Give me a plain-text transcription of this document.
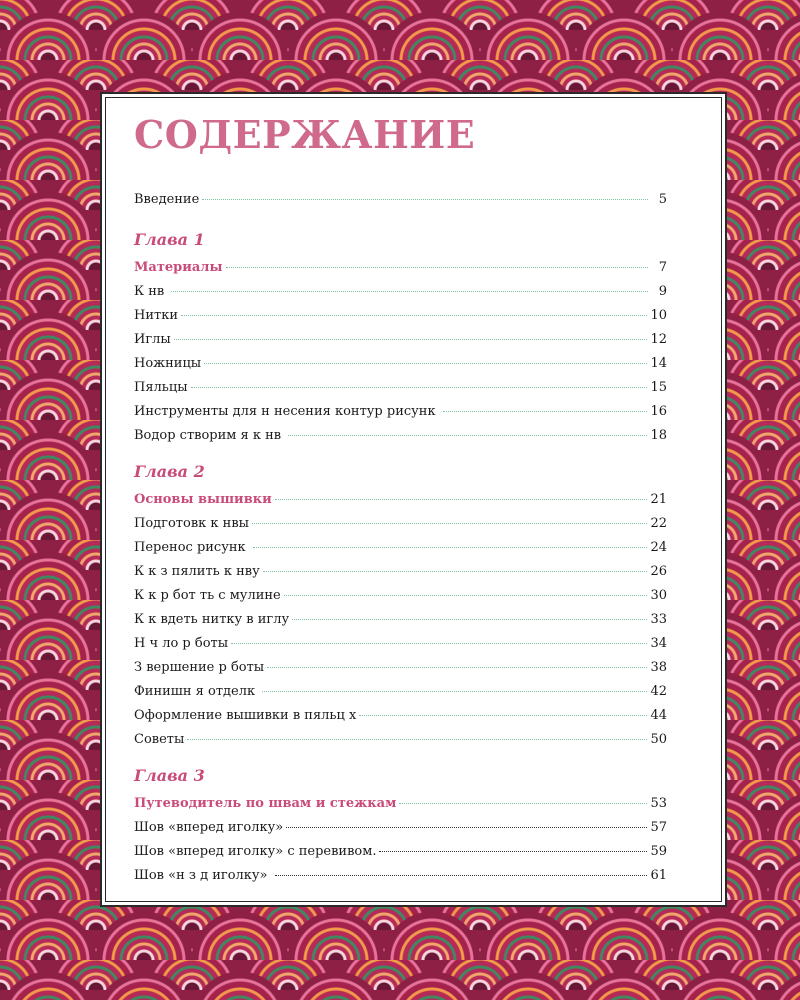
СОДЕРЖАНИЕ
Введение	5
Глава 1
Материалы	7
К нв	9
Нитки	10
Иглы	12
Ножницы	14
Пяльцы	15
Инструменты для н несения контур рисунк	16
Водор створим я к нв	18
Глава 2
Основы вышивки	21
Подготовк к нвы	22
Перенос рисунк	24
К к з пялить к нву	26
К к р бот ть с мулине	30
К к вдеть нитку в иглу	33
Н ч ло р боты	34
З вершение р боты	38
Финишн я отделк	42
Оформление вышивки в пяльц х	44
Советы	50
Глава 3
Путеводитель по швам и стежкам	53
Шов «вперед иголку»	57
Шов «вперед иголку» с перевивом.	59
Шов «н з д иголку»	61
